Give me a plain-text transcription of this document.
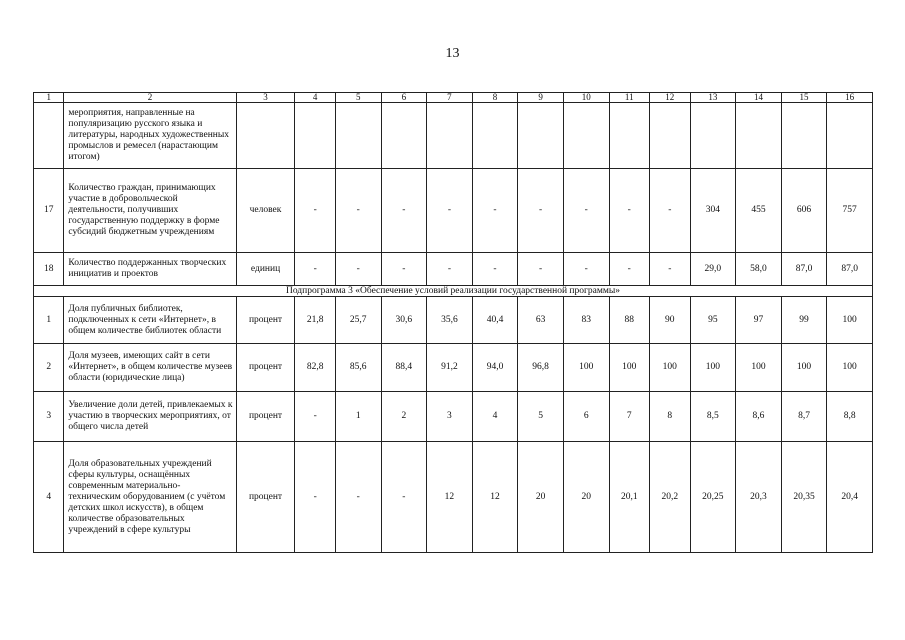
13
1	2	3	4	5	6	7	8	9	10	11	12	13	14	15	16
	мероприятия, направленные на популяризацию русского языка и литературы, народных художественных промыслов и ремесел (нарастающим итогом)														
17	Количество граждан, принимающих участие в добровольческой деятельности, получивших государственную поддержку в форме субсидий бюджетным учреждениям	человек	-	-	-	-	-	-	-	-	-	304	455	606	757
18	Количество поддержанных творческих инициатив и проектов	единиц	-	-	-	-	-	-	-	-	-	29,0	58,0	87,0	87,0
Подпрограмма 3 «Обеспечение условий реализации государственной программы»															
1	Доля публичных библиотек, подключенных к сети «Интернет», в общем количестве библиотек области	процент	21,8	25,7	30,6	35,6	40,4	63	83	88	90	95	97	99	100
2	Доля музеев, имеющих сайт в сети «Интернет», в общем количестве музеев области (юридические лица)	процент	82,8	85,6	88,4	91,2	94,0	96,8	100	100	100	100	100	100	100
3	Увеличение доли детей, привлекаемых к участию в творческих мероприятиях, от общего числа детей	процент	-	1	2	3	4	5	6	7	8	8,5	8,6	8,7	8,8
4	Доля образовательных учреждений сферы культуры, оснащённых современным материально-техническим оборудованием (с учётом детских школ искусств), в общем количестве образовательных учреждений в сфере культуры	процент	-	-	-	12	12	20	20	20,1	20,2	20,25	20,3	20,35	20,4
